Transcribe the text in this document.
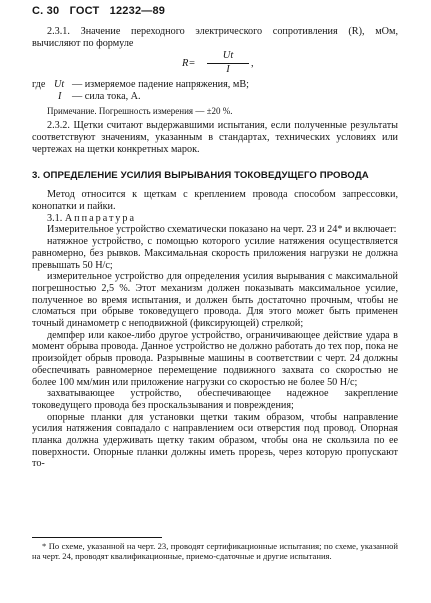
С. 30 ГОСТ 12232—89

2.3.1. Значение переходного электрического сопротивления (R), мОм, вычисляют по формуле

$R= \frac{Ut}{I}$ ,
где Ut — измеряемое падение напряжения, мВ;
I — сила тока, А.

Примечание. Погрешность измерения — ±20 %.

2.3.2. Щетки считают выдержавшими испытания, если полученные результаты соответствуют значениям, указанным в стандартах, технических условиях или чертежах на щетки конкретных марок.

3. ОПРЕДЕЛЕНИЕ УСИЛИЯ ВЫРЫВАНИЯ ТОКОВЕДУЩЕГО ПРОВОДА

Метод относится к щеткам с креплением провода способом запрессовки, конопатки и пайки.

3.1. Аппаратура

Измерительное устройство схематически показано на черт. 23 и 24* и включает:

натяжное устройство, с помощью которого усилие натяжения осуществляется равномерно, без рывков. Максимальная скорость приложения нагрузки не должна превышать 50 Н/с;

измерительное устройство для определения усилия вырывания с максимальной погрешностью 2,5 %. Этот механизм должен показывать максимальное усилие, полученное во время испытания, и должен быть достаточно прочным, чтобы не сломаться при обрыве токоведущего провода. Для этого может быть применен точный динамометр с неподвижной (фиксирующей) стрелкой;

демпфер или какое-либо другое устройство, ограничивающее действие удара в момент обрыва провода. Данное устройство не должно работать до тех пор, пока не произойдет обрыв провода. Разрывные машины в соответствии с черт. 24 должны обеспечивать равномерное перемещение подвижного захвата со скоростью не более 100 мм/мин или приложение нагрузки со скоростью не более 50 Н/с;

захватывающее устройство, обеспечивающее надежное закрепление токоведущего провода без проскальзывания и повреждения;

опорные планки для установки щетки таким образом, чтобы направление усилия натяжения совпадало с направлением оси отверстия под провод. Опорная планка должна удерживать щетку таким образом, чтобы она не скользила по ее поверхности. Опорные планки должны иметь прорезь, через которую пропускают то-

* По схеме, указанной на черт. 23, проводят сертификационные испытания; по схеме, указанной на черт. 24, проводят квалификационные, приемо-сдаточные и другие испытания.
